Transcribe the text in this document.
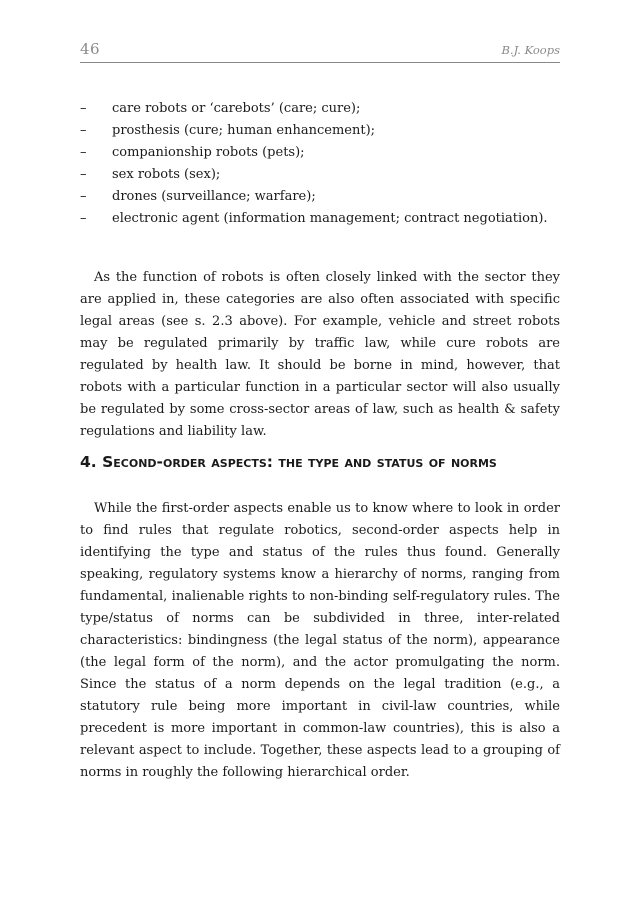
46	B.J. Koops
– care robots or ‘carebots’ (care; cure);
– prosthesis (cure; human enhancement);
– companionship robots (pets);
– sex robots (sex);
– drones (surveillance; warfare);
– electronic agent (information management; contract negotiation).

As the function of robots is often closely linked with the sector they are applied in, these categories are also often associated with specific legal areas (see s. 2.3 above). For example, vehicle and street robots may be regulated primarily by traffic law, while cure robots are regulated by health law. It should be borne in mind, however, that robots with a particular function in a particular sector will also usually be regulated by some cross-sector areas of law, such as health & safety regulations and liability law.

4. Second-order aspects: the type and status of norms

While the first-order aspects enable us to know where to look in order to find rules that regulate robotics, second-order aspects help in identifying the type and status of the rules thus found. Generally speaking, regulatory systems know a hierarchy of norms, ranging from fundamental, inalienable rights to non-binding self-regulatory rules. The type/status of norms can be subdivided in three, inter-related characteristics: bindingness (the legal status of the norm), appearance (the legal form of the norm), and the actor promulgating the norm. Since the status of a norm depends on the legal tradition (e.g., a statutory rule being more important in civil-law countries, while precedent is more important in common-law countries), this is also a relevant aspect to include. Together, these aspects lead to a grouping of norms in roughly the following hierarchical order.
